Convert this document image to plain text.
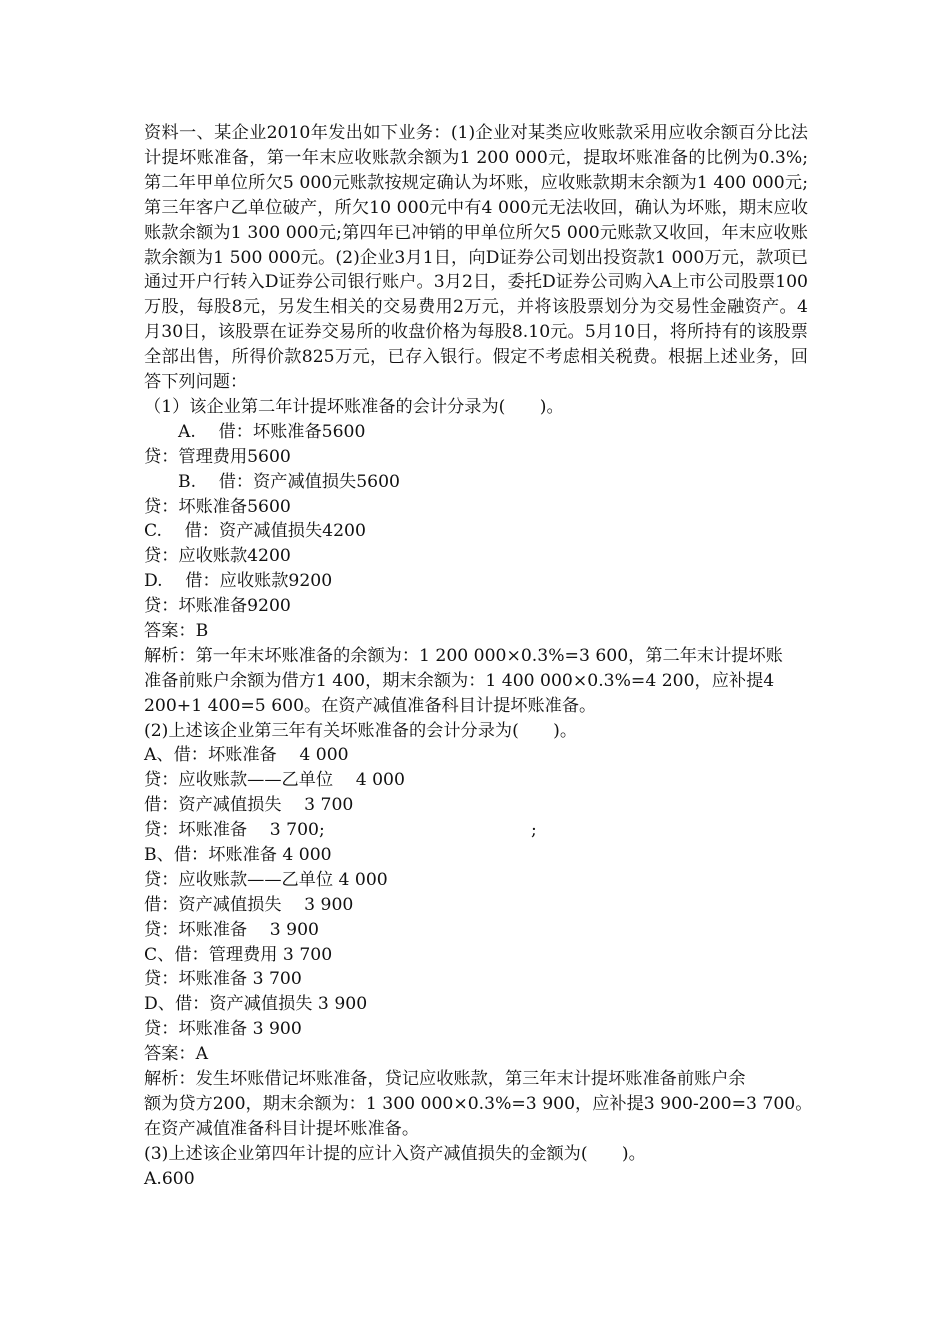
资料一、某企业2010年发出如下业务：(1)企业对某类应收账款采用应收余额百分比法计提坏账准备，第一年末应收账款余额为1 200 000元，提取坏账准备的比例为0.3%;第二年甲单位所欠5 000元账款按规定确认为坏账，应收账款期末余额为1 400 000元;第三年客户乙单位破产，所欠10 000元中有4 000元无法收回，确认为坏账，期末应收账款余额为1 300 000元;第四年已冲销的甲单位所欠5 000元账款又收回，年末应收账款余额为1 500 000元。(2)企业3月1日，向D证券公司划出投资款1 000万元，款项已通过开户行转入D证券公司银行账户。3月2日，委托D证券公司购入A上市公司股票100万股，每股8元，另发生相关的交易费用2万元，并将该股票划分为交易性金融资产。4月30日，该股票在证券交易所的收盘价格为每股8.10元。5月10日，将所持有的该股票全部出售，所得价款825万元，已存入银行。假定不考虑相关税费。根据上述业务，回答下列问题：
（1）该企业第二年计提坏账准备的会计分录为(　　)。
A.　 借：坏账准备5600
贷：管理费用5600
B.　 借：资产减值损失5600
贷：坏账准备5600
C.　 借：资产减值损失4200
贷：应收账款4200
D.　 借：应收账款9200
贷：坏账准备9200
答案：B
解析：第一年末坏账准备的余额为：1 200 000×0.3%=3 600，第二年末计提坏账
准备前账户余额为借方1 400，期末余额为：1 400 000×0.3%=4 200，应补提4
200+1 400=5 600。在资产减值准备科目计提坏账准备。
(2)上述该企业第三年有关坏账准备的会计分录为(　　)。
A、借：坏账准备　 4 000
贷：应收账款——乙单位　 4 000
借：资产减值损失　 3 700
贷：坏账准备　 3 700;　　　　　　　　　　　　;
B、借：坏账准备 4 000
贷：应收账款——乙单位 4 000
借：资产减值损失　 3 900
贷：坏账准备　 3 900
C、借：管理费用 3 700
贷：坏账准备 3 700
D、借：资产减值损失 3 900
贷：坏账准备 3 900
答案：A
解析：发生坏账借记坏账准备，贷记应收账款，第三年末计提坏账准备前账户余
额为贷方200，期末余额为：1 300 000×0.3%=3 900，应补提3 900-200=3 700。
在资产减值准备科目计提坏账准备。
(3)上述该企业第四年计提的应计入资产减值损失的金额为(　　)。
A.600
